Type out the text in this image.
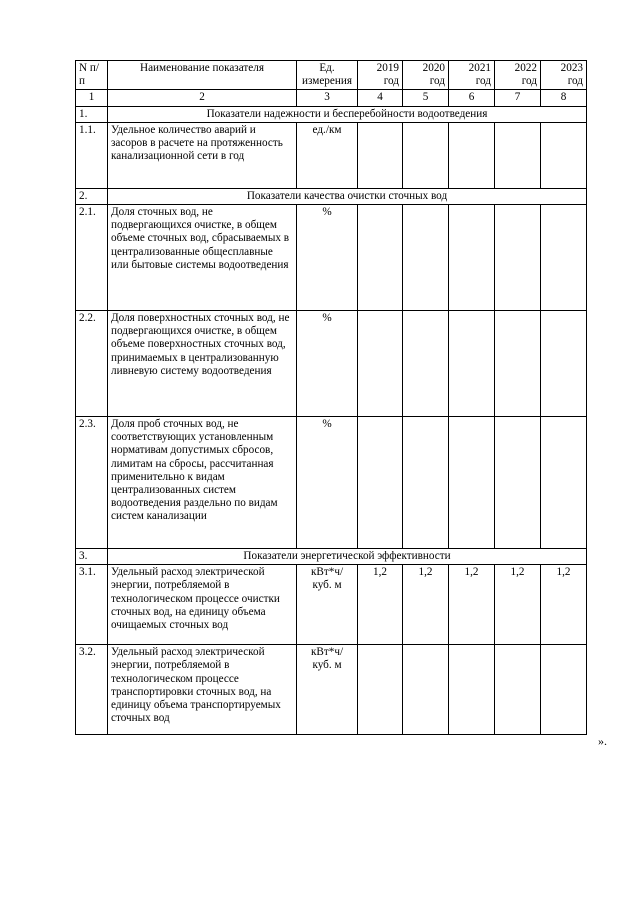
N п/п	Наименование показателя	Ед. измерения	2019 год	2020 год	2021 год	2022 год	2023 год
1	2	3	4	5	6	7	8
1.	Показатели надежности и бесперебойности водоотведения						
1.1.	Удельное количество аварий и засоров в расчете на протяженность канализационной сети в год	ед./км					
2.	Показатели качества очистки сточных вод						
2.1.	Доля сточных вод, не подвергающихся очистке, в общем объеме сточных вод, сбрасываемых в централизованные общесплавные или бытовые системы водоотведения	%					
2.2.	Доля поверхностных сточных вод, не подвергающихся очистке, в общем объеме поверхностных сточных вод, принимаемых в централизованную ливневую систему водоотведения	%					
2.3.	Доля проб сточных вод, не соответствующих установленным нормативам допустимых сбросов, лимитам на сбросы, рассчитанная применительно к видам централизованных систем водоотведения раздельно по видам систем канализации	%					
3.	Показатели энергетической эффективности						
3.1.	Удельный расход электрической энергии, потребляемой в технологическом процессе очистки сточных вод, на единицу объема очищаемых сточных вод	кВт*ч/ куб. м	1,2	1,2	1,2	1,2	1,2
3.2.	Удельный расход электрической энергии, потребляемой в технологическом процессе транспортировки сточных вод, на единицу объема транспортируемых сточных вод	кВт*ч/ куб. м					
».
